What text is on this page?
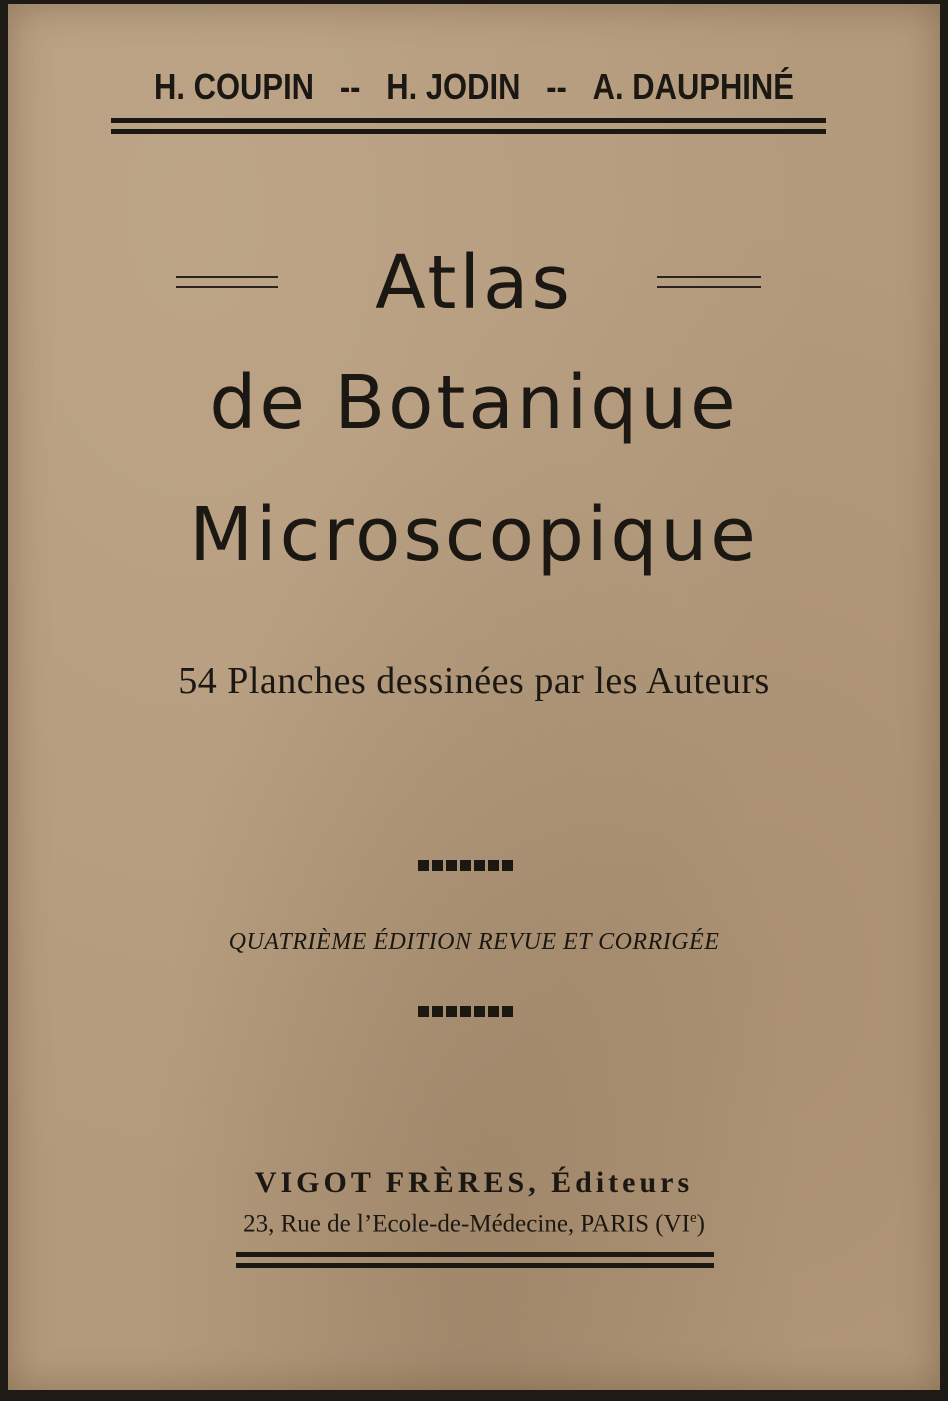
H. COUPIN -- H. JODIN -- A. DAUPHINÉ
Atlas
de Botanique
Microscopique
54 Planches dessinées par les Auteurs
QUATRIÈME ÉDITION REVUE ET CORRIGÉE
VIGOT FRÈRES, Éditeurs
23, Rue de l’Ecole-de-Médecine, PARIS (VIe)
